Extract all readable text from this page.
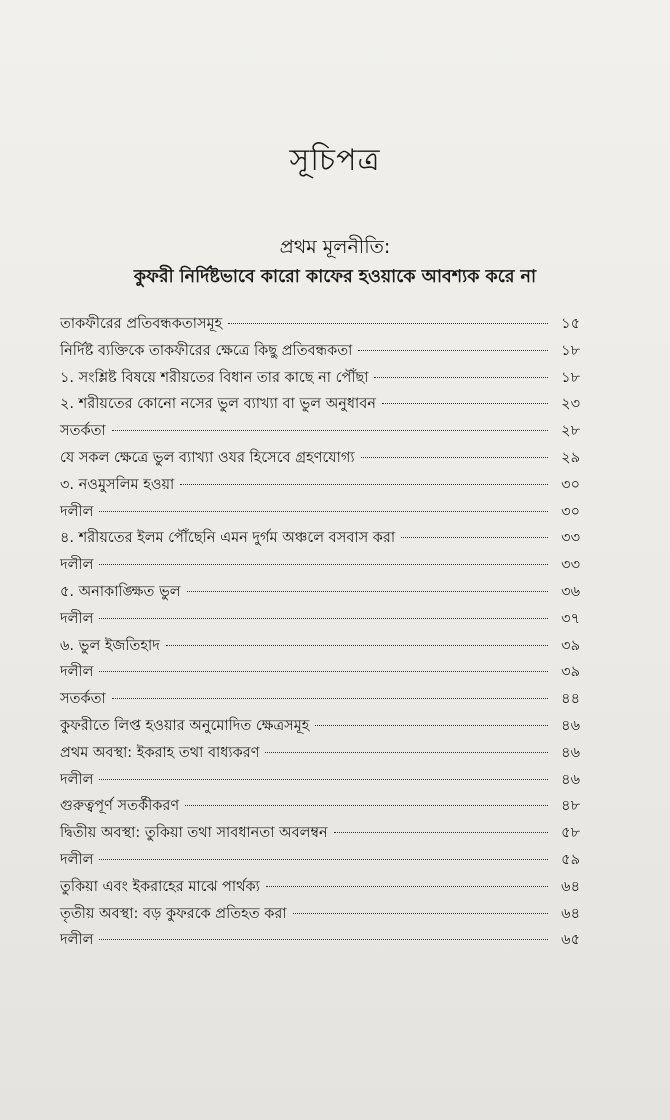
সূচিপত্র
প্রথম মূলনীতি:
কুফরী নির্দিষ্টভাবে কারো কাফের হওয়াকে আবশ্যক করে না
তাকফীরের প্রতিবন্ধকতাসমূহ	১৫
নির্দিষ্ট ব্যক্তিকে তাকফীরের ক্ষেত্রে কিছু প্রতিবন্ধকতা	১৮
১. সংশ্লিষ্ট বিষয়ে শরীয়তের বিধান তার কাছে না পৌঁছা	১৮
২. শরীয়তের কোনো নসের ভুল ব্যাখ্যা বা ভুল অনুধাবন	২৩
সতর্কতা	২৮
যে সকল ক্ষেত্রে ভুল ব্যাখ্যা ওযর হিসেবে গ্রহণযোগ্য	২৯
৩. নওমুসলিম হওয়া	৩০
দলীল	৩০
৪. শরীয়তের ইলম পৌঁছেনি এমন দুর্গম অঞ্চলে বসবাস করা	৩৩
দলীল	৩৩
৫. অনাকাঙ্ক্ষিত ভুল	৩৬
দলীল	৩৭
৬. ভুল ইজতিহাদ	৩৯
দলীল	৩৯
সতর্কতা	৪৪
কুফরীতে লিপ্ত হওয়ার অনুমোদিত ক্ষেত্রসমূহ	৪৬
প্রথম অবস্থা: ইকরাহ তথা বাধ্যকরণ	৪৬
দলীল	৪৬
গুরুত্বপূর্ণ সতর্কীকরণ	৪৮
দ্বিতীয় অবস্থা: তুকিয়া তথা সাবধানতা অবলম্বন	৫৮
দলীল	৫৯
তুকিয়া এবং ইকরাহের মাঝে পার্থক্য	৬৪
তৃতীয় অবস্থা: বড় কুফরকে প্রতিহত করা	৬৪
দলীল	৬৫
